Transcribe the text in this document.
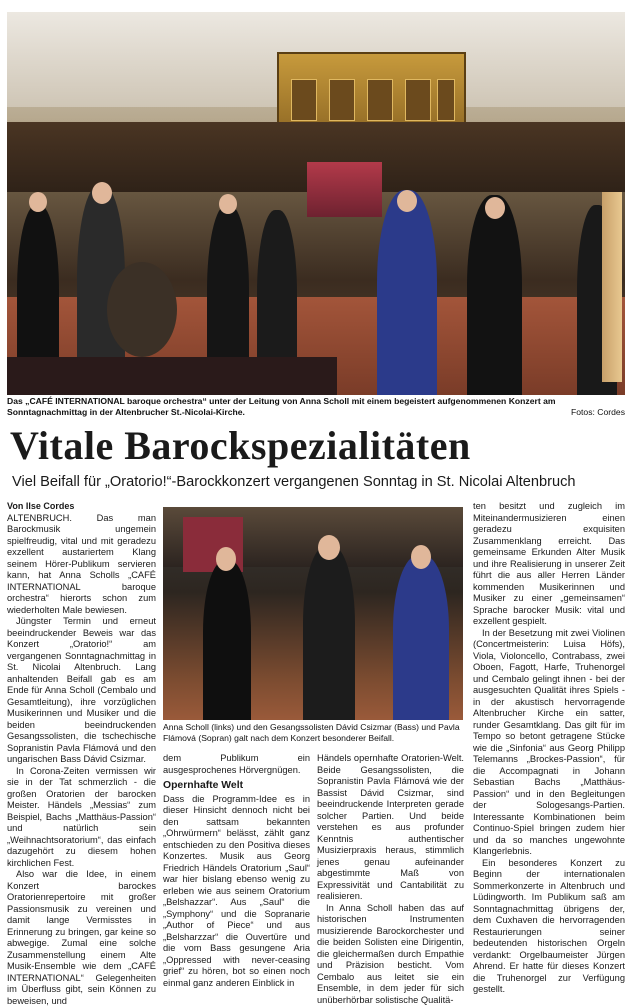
Das „CAFÉ INTERNATIONAL baroque orchestra“ unter der Leitung von Anna Scholl mit einem begeistert aufgenommenen Konzert am Sonntagnachmittag in der Altenbrucher St.-Nicolai-Kirche.	Fotos: Cordes
Vitale Barockspezialitäten
Viel Beifall für „Oratorio!“-Barockkonzert vergangenen Sonntag in St. Nicolai Altenbruch
Von Ilse Cordes

ALTENBRUCH. Das man Barockmusik ungemein spielfreudig, vital und mit geradezu exzellent austariertem Klang seinem Hörer-Publikum servieren kann, hat Anna Scholls „CAFÉ INTERNATIONAL baroque orchestra“ hierorts schon zum wiederholten Male bewiesen.

Jüngster Termin und erneut beeindruckender Beweis war das Konzert „Oratorio!“ am vergangenen Sonntagnachmittag in St. Nicolai Altenbruch. Lang anhaltenden Beifall gab es am Ende für Anna Scholl (Cembalo und Gesamtleitung), ihre vorzüglichen Musikerinnen und Musiker und die beiden beeindruckenden Gesangssolisten, die tschechische Sopranistin Pavla Flámová und den ungarischen Bass Dávid Csizmar.

In Corona-Zeiten vermissen wir sie in der Tat schmerzlich - die großen Oratorien der barocken Meister. Händels „Messias“ zum Beispiel, Bachs „Matthäus-Passion“ und natürlich sein „Weihnachtsoratorium“, das einfach dazugehört zu diesem hohen kirchlichen Fest.

Also war die Idee, in einem Konzert barockes Oratorienrepertoire mit großer Passionsmusik zu vereinen und damit lange Vermisstes in Erinnerung zu bringen, gar keine so abwegige. Zumal eine solche Zusammenstellung einem Alte Musik-Ensemble wie dem „CAFÉ INTERNATIONAL“ Gelegenheiten im Überfluss gibt, sein Können zu beweisen, und

Anna Scholl (links) und den Gesangssolisten Dávid Csizmar (Bass) und Pavla Flámová (Sopran) galt nach dem Konzert besonderer Beifall.

dem Publikum ein ausgesprochenes Hörvergnügen.

Opernhafte Welt

Dass die Programm-Idee es in dieser Hinsicht dennoch nicht bei den sattsam bekannten „Ohrwürmern“ belässt, zählt ganz entschieden zu den Positiva dieses Konzertes. Musik aus Georg Friedrich Händels Oratorium „Saul“ war hier bislang ebenso wenig zu erleben wie aus seinem Oratorium „Belshazzar“. Aus „Saul“ die „Symphony“ und die Sopranarie „Author of Piece“ und aus „Belsharzzar“ die Ouvertüre und die vom Bass gesungene Aria „Oppressed with never-ceasing grief“ zu hören, bot so einen noch einmal ganz anderen Einblick in

Händels opernhafte Oratorien-Welt. Beide Gesangssolisten, die Sopranistin Pavla Flámová wie der Bassist Dávid Csizmar, sind beeindruckende Interpreten gerade solcher Partien. Und beide verstehen es aus profunder Kenntnis authentischer Musizierpraxis heraus, stimmlich jenes genau aufeinander abgestimmte Maß von Expressivität und Cantabilität zu realisieren.

In Anna Scholl haben das auf historischen Instrumenten musizierende Barockorchester und die beiden Solisten eine Dirigentin, die gleichermaßen durch Empathie und Präzision besticht. Vom Cembalo aus leitet sie ein Ensemble, in dem jeder für sich unüberhörbar solistische Qualitä-

ten besitzt und zugleich im Miteinandermusizieren einen geradezu exquisiten Zusammenklang erreicht. Das gemeinsame Erkunden Alter Musik und ihre Realisierung in unserer Zeit führt die aus aller Herren Länder kommenden Musikerinnen und Musiker zu einer „gemeinsamen“ Sprache barocker Musik: vital und exzellent gespielt.

In der Besetzung mit zwei Violinen (Concertmeisterin: Luisa Höfs), Viola, Violoncello, Contrabass, zwei Oboen, Fagott, Harfe, Truhenorgel und Cembalo gelingt ihnen - bei der ausgesuchten Qualität ihres Spiels - in der akustisch hervorragende Altenbrucher Kirche ein satter, runder Gesamtklang. Das gilt für im Tempo so betont getragene Stücke wie die „Sinfonia“ aus Georg Philipp Telemanns „Brockes-Passion“, für die Accompagnati in Johann Sebastian Bachs „Matthäus-Passion“ und in den Begleitungen der Sologesangs-Partien. Interessante Kombinationen beim Continuo-Spiel bringen zudem hier und da so manches ungewohnte Klangerlebnis.

Ein besonderes Konzert zu Beginn der internationalen Sommerkonzerte in Altenbruch und Lüdingworth. Im Publikum saß am Sonntagnachmittag übrigens der, dem Cuxhaven die hervorragenden Restaurierungen seiner bedeutenden historischen Orgeln verdankt: Orgelbaumeister Jürgen Ahrend. Er hatte für dieses Konzert die Truhenorgel zur Verfügung gestellt.
